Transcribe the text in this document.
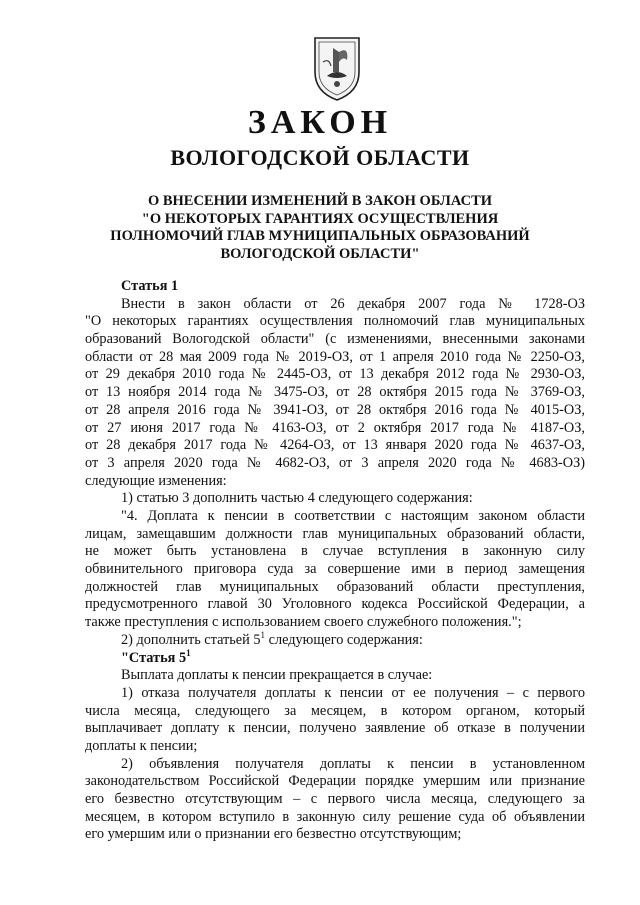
ЗАКОН
ВОЛОГОДСКОЙ ОБЛАСТИ
О ВНЕСЕНИИ ИЗМЕНЕНИЙ В ЗАКОН ОБЛАСТИ
"О НЕКОТОРЫХ ГАРАНТИЯХ ОСУЩЕСТВЛЕНИЯ
ПОЛНОМОЧИЙ ГЛАВ МУНИЦИПАЛЬНЫХ ОБРАЗОВАНИЙ
ВОЛОГОДСКОЙ ОБЛАСТИ"
Статья 1
Внести в закон области от 26 декабря 2007 года № 1728-ОЗ
"О некоторых гарантиях осуществления полномочий глав муниципальных
образований Вологодской области" (с изменениями, внесенными законами
области от 28 мая 2009 года № 2019-ОЗ, от 1 апреля 2010 года № 2250-ОЗ,
от 29 декабря 2010 года № 2445-ОЗ, от 13 декабря 2012 года № 2930-ОЗ,
от 13 ноября 2014 года № 3475-ОЗ, от 28 октября 2015 года № 3769-ОЗ,
от 28 апреля 2016 года № 3941-ОЗ, от 28 октября 2016 года № 4015-ОЗ,
от 27 июня 2017 года № 4163-ОЗ, от 2 октября 2017 года № 4187-ОЗ,
от 28 декабря 2017 года № 4264-ОЗ, от 13 января 2020 года № 4637-ОЗ,
от 3 апреля 2020 года № 4682-ОЗ, от 3 апреля 2020 года № 4683-ОЗ)
следующие изменения:
1) статью 3 дополнить частью 4 следующего содержания:
"4. Доплата к пенсии в соответствии с настоящим законом области
лицам, замещавшим должности глав муниципальных образований области,
не может быть установлена в случае вступления в законную силу
обвинительного приговора суда за совершение ими в период замещения
должностей глав муниципальных образований области преступления,
предусмотренного главой 30 Уголовного кодекса Российской Федерации, а
также преступления с использованием своего служебного положения.";
2) дополнить статьей $5^1$ следующего содержания:
"Статья $5^1$
Выплата доплаты к пенсии прекращается в случае:
1) отказа получателя доплаты к пенсии от ее получения – с первого
числа месяца, следующего за месяцем, в котором органом, который
выплачивает доплату к пенсии, получено заявление об отказе в получении
доплаты к пенсии;
2) объявления получателя доплаты к пенсии в установленном
законодательством Российской Федерации порядке умершим или признание
его безвестно отсутствующим – с первого числа месяца, следующего за
месяцем, в котором вступило в законную силу решение суда об объявлении
его умершим или о признании его безвестно отсутствующим;
